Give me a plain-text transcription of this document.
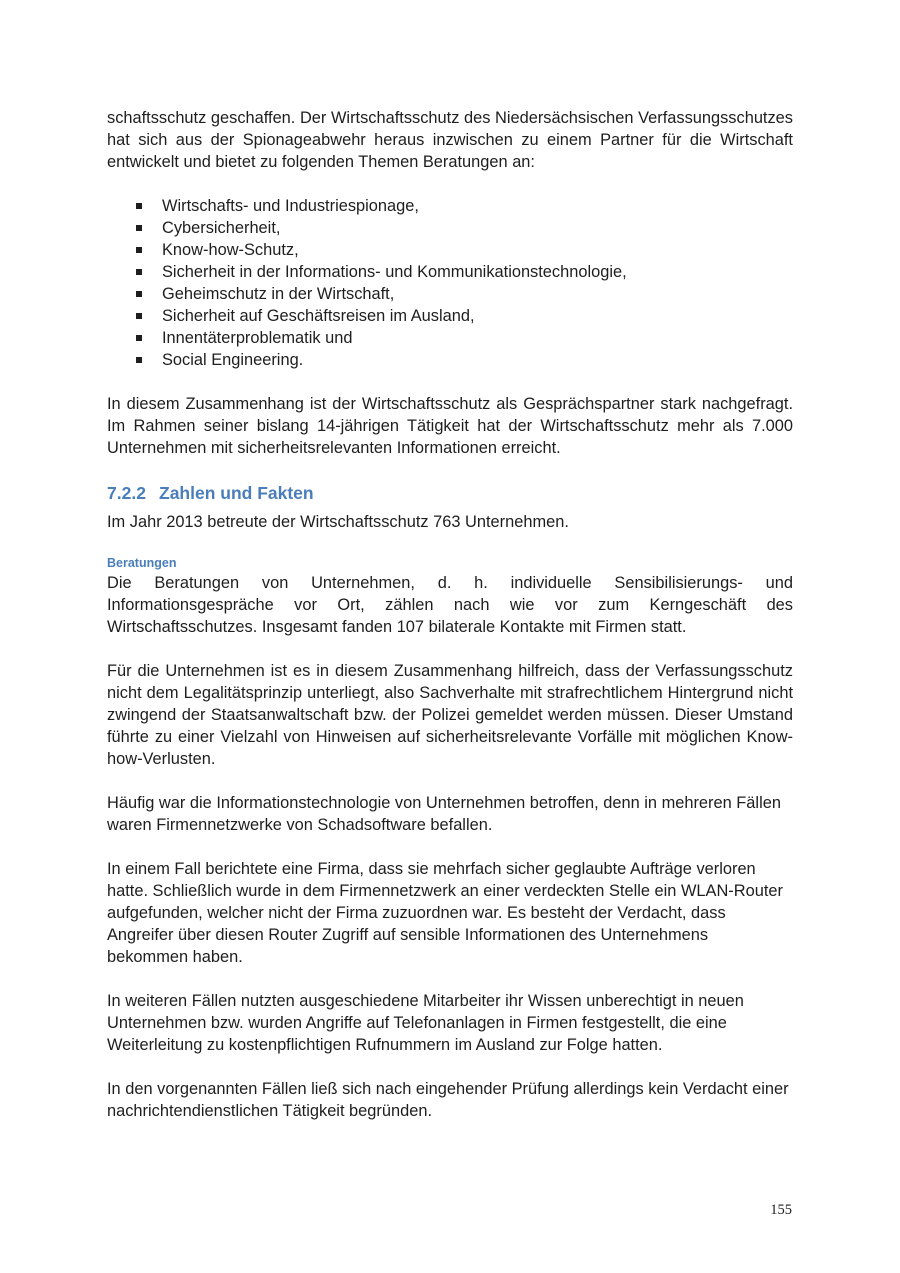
schaftsschutz geschaffen. Der Wirtschaftsschutz des Niedersächsischen Verfassungsschutzes hat sich aus der Spionageabwehr heraus inzwischen zu einem Partner für die Wirtschaft entwickelt und bietet zu folgenden Themen Beratungen an:

Wirtschafts- und Industriespionage,
Cybersicherheit,
Know-how-Schutz,
Sicherheit in der Informations- und Kommunikationstechnologie,
Geheimschutz in der Wirtschaft,
Sicherheit auf Geschäftsreisen im Ausland,
Innentäterproblematik und
Social Engineering.

In diesem Zusammenhang ist der Wirtschaftsschutz als Gesprächspartner stark nachgefragt. Im Rahmen seiner bislang 14-jährigen Tätigkeit hat der Wirtschaftsschutz mehr als 7.000 Unternehmen mit sicherheitsrelevanten Informationen erreicht.

7.2.2 Zahlen und Fakten

Im Jahr 2013 betreute der Wirtschaftsschutz 763 Unternehmen.

Beratungen

Die Beratungen von Unternehmen, d. h. individuelle Sensibilisierungs- und Informationsgespräche vor Ort, zählen nach wie vor zum Kerngeschäft des Wirtschaftsschutzes. Insgesamt fanden 107 bilaterale Kontakte mit Firmen statt.

Für die Unternehmen ist es in diesem Zusammenhang hilfreich, dass der Verfassungsschutz nicht dem Legalitätsprinzip unterliegt, also Sachverhalte mit strafrechtlichem Hintergrund nicht zwingend der Staatsanwaltschaft bzw. der Polizei gemeldet werden müssen. Dieser Umstand führte zu einer Vielzahl von Hinweisen auf sicherheitsrelevante Vorfälle mit möglichen Know-how-Verlusten.

Häufig war die Informationstechnologie von Unternehmen betroffen, denn in mehreren Fällen waren Firmennetzwerke von Schadsoftware befallen.

In einem Fall berichtete eine Firma, dass sie mehrfach sicher geglaubte Aufträge verloren hatte. Schließlich wurde in dem Firmennetzwerk an einer verdeckten Stelle ein WLAN-Router aufgefunden, welcher nicht der Firma zuzuordnen war. Es besteht der Verdacht, dass Angreifer über diesen Router Zugriff auf sensible Informationen des Unternehmens bekommen haben.

In weiteren Fällen nutzten ausgeschiedene Mitarbeiter ihr Wissen unberechtigt in neuen Unternehmen bzw. wurden Angriffe auf Telefonanlagen in Firmen festgestellt, die eine Weiterleitung zu kostenpflichtigen Rufnummern im Ausland zur Folge hatten.

In den vorgenannten Fällen ließ sich nach eingehender Prüfung allerdings kein Verdacht einer nachrichtendienstlichen Tätigkeit begründen.

155
